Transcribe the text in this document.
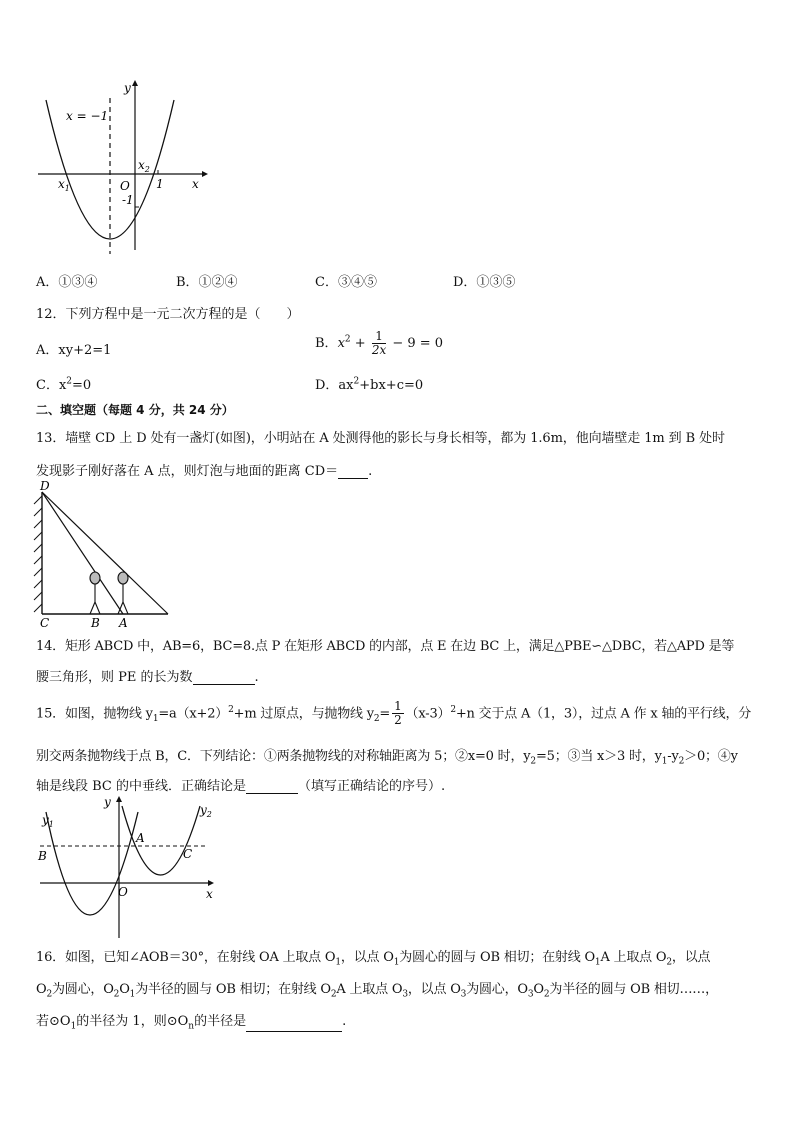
y
x
x = −1
$x_1$
$x_2$
O 1
-1
A．①③④	B．①②④	C．③④⑤	D．①③⑤
12．下列方程中是一元二次方程的是（　　）
A．xy+2=1	B．$x^2 + \frac{1}{2x} - 9 = 0$
C．$x^2=0$	D．$ax^2+bx+c=0$
二、填空题（每题 4 分，共 24 分）
13．墙壁 CD 上 D 处有一盏灯(如图)，小明站在 A 处测得他的影长与身长相等，都为 1.6m，他向墙壁走 1m 到 B 处时
发现影子刚好落在 A 点，则灯泡与地面的距离 CD＝ .
D
C	B A
14．矩形 ABCD 中，AB=6，BC=8.点 P 在矩形 ABCD 的内部，点 E 在边 BC 上，满足△PBE∽△DBC，若△APD 是等
腰三角形，则 PE 的长为数	.
15．如图，抛物线 $y_1=a(x+2)^2+m$ 过原点，与抛物线 $y_2= \frac{1}{2} (x-3)^2+n$ 交于点 A（1，3），过点 A 作 x 轴的平行线，分
别交两条抛物线于点 B，C．下列结论：①两条抛物线的对称轴距离为 5；②x=0 时，$y_2=5$；③当 x＞3 时，$y_1-y_2>0$；④y
轴是线段 BC 的中垂线．正确结论是	（填写正确结论的序号）.
y
x
$y_1$
$y_2$
A
B	C
O
16．如图，已知∠AOB＝30°，在射线 OA 上取点 $O_1$，以点 $O_1$为圆心的圆与 OB 相切；在射线 $O_1A$ 上取点 $O_2$，以点
$O_2$为圆心，$O_2O_1$为半径的圆与 OB 相切；在射线 $O_2A$ 上取点 $O_3$，以点 $O_3$为圆心，$O_3O_2$为半径的圆与 OB 相切……，
若$⊙O_1$的半径为 1，则$⊙O_n$的半径是	.
